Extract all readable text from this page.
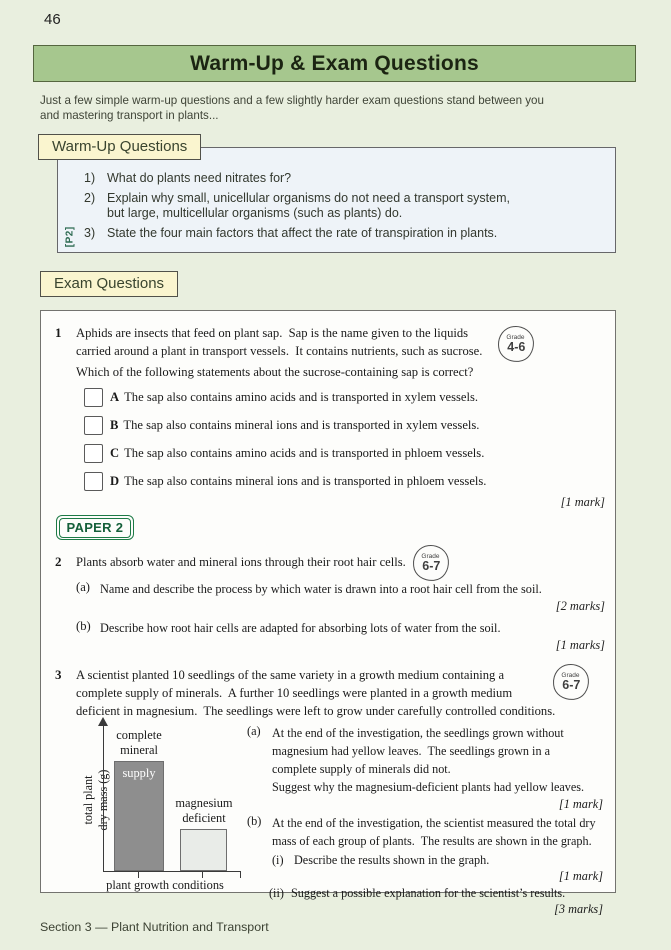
46
Warm-Up & Exam Questions
Just a few simple warm-up questions and a few slightly harder exam questions stand between you
and mastering transport in plants...
Warm-Up Questions
1) What do plants need nitrates for?
2) Explain why small, unicellular organisms do not need a transport system,
but large, multicellular organisms (such as plants) do.
[P2] 3) State the four main factors that affect the rate of transpiration in plants.
Exam Questions
1	Aphids are insects that feed on plant sap.  Sap is the name given to the liquids
carried around a plant in transport vessels.  It contains nutrients, such as sucrose.
Grade
4-6
Which of the following statements about the sucrose-containing sap is correct?
A The sap also contains amino acids and is transported in xylem vessels.
B The sap also contains mineral ions and is transported in xylem vessels.
C The sap also contains amino acids and is transported in phloem vessels.
D The sap also contains mineral ions and is transported in phloem vessels.
[1 mark]
PAPER 2
2	Plants absorb water and mineral ions through their root hair cells. Grade
6-7
(a) Name and describe the process by which water is drawn into a root hair cell from the soil.
[2 marks]
(b) Describe how root hair cells are adapted for absorbing lots of water from the soil.
[1 marks]
3	A scientist planted 10 seedlings of the same variety in a growth medium containing a
complete supply of minerals.  A further 10 seedlings were planted in a growth medium
deficient in magnesium.  The seedlings were left to grow under carefully controlled conditions.
Grade
6-7
total plant dry mass (g)
complete
mineral
supply
magnesium
deficient
plant growth conditions
(a) At the end of the investigation, the seedlings grown without
magnesium had yellow leaves.  The seedlings grown in a
complete supply of minerals did not.
Suggest why the magnesium-deficient plants had yellow leaves.
[1 mark]
(b) At the end of the investigation, the scientist measured the total dry
mass of each group of plants.  The results are shown in the graph.
(i) Describe the results shown in the graph.
[1 mark]
(ii) Suggest a possible explanation for the scientist’s results.
[3 marks]
Section 3 — Plant Nutrition and Transport
